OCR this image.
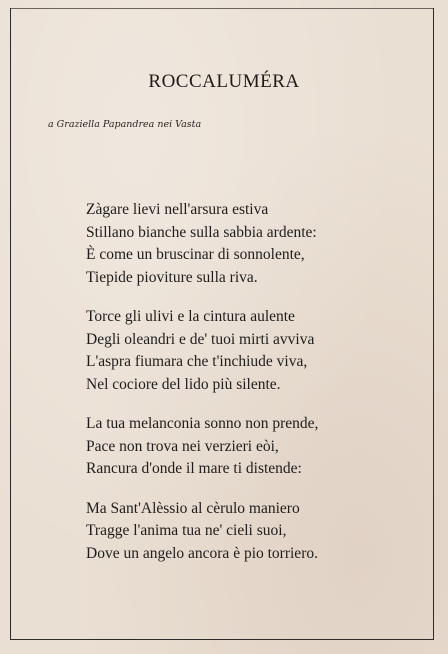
ROCCALUMÉRA
a Graziella Papandrea nei Vasta
Zàgare lievi nell'arsura estiva
Stillano bianche sulla sabbia ardente:
È come un bruscinar di sonnolente,
Tiepide pioviture sulla riva.
Torce gli ulivi e la cintura aulente
Degli oleandri e de' tuoi mirti avviva
L'aspra fiumara che t'inchiude viva,
Nel cociore del lido più silente.
La tua melanconia sonno non prende,
Pace non trova nei verzieri eòi,
Rancura d'onde il mare ti distende:
Ma Sant'Alèssio al cèrulo maniero
Tragge l'anima tua ne' cieli suoi,
Dove un angelo ancora è pio torriero.
